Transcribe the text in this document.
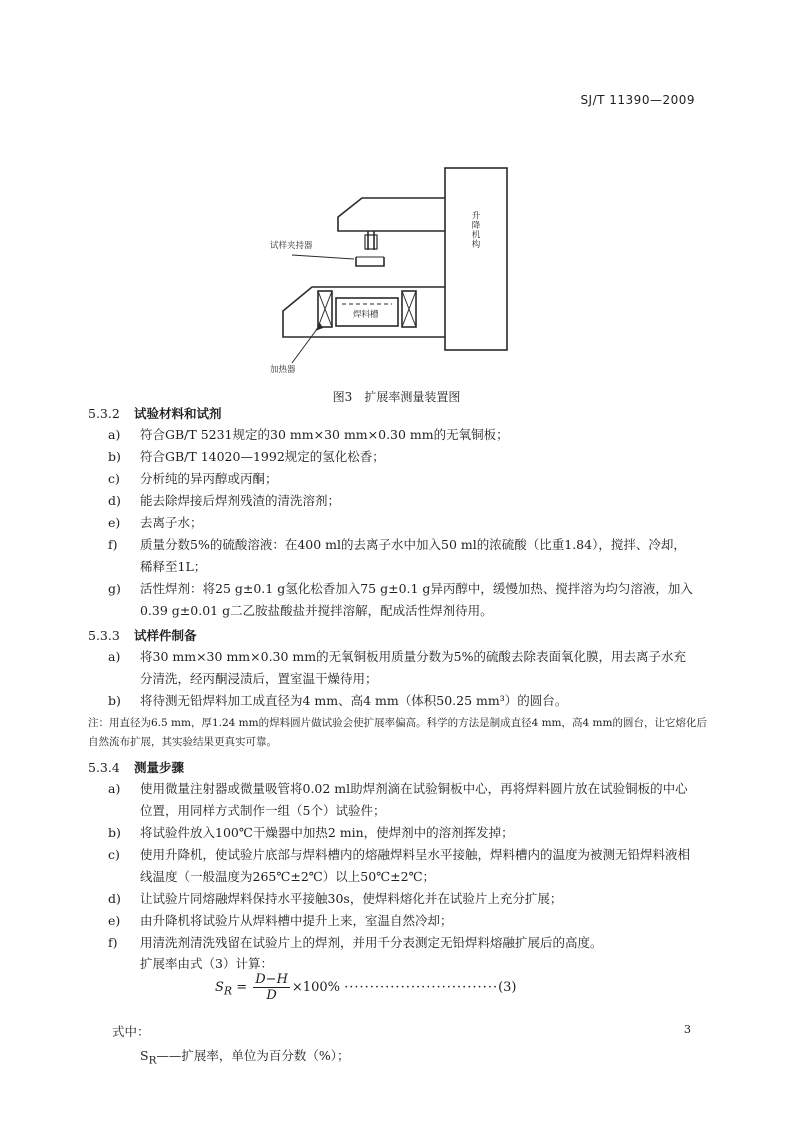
SJ/T 11390—2009
试样夹持器
焊料槽
加热器
升降机构
图3 扩展率测量装置图
5.3.2 试验材料和试剂
a)	符合GB/T 5231规定的30 mm×30 mm×0.30 mm的无氧铜板；
b)	符合GB/T 14020—1992规定的氢化松香；
c)	分析纯的异丙醇或丙酮；
d)	能去除焊接后焊剂残渣的清洗溶剂；
e)	去离子水；
f)	质量分数5%的硫酸溶液：在400 ml的去离子水中加入50 ml的浓硫酸（比重1.84），搅拌、冷却，稀释至1L；
g)	活性焊剂：将25 g±0.1 g氢化松香加入75 g±0.1 g异丙醇中，缓慢加热、搅拌溶为均匀溶液，加入0.39 g±0.01 g二乙胺盐酸盐并搅拌溶解，配成活性焊剂待用。
5.3.3 试样件制备
a)	将30 mm×30 mm×0.30 mm的无氧铜板用质量分数为5%的硫酸去除表面氧化膜，用去离子水充分清洗，经丙酮浸渍后，置室温干燥待用；
b)	将待测无铅焊料加工成直径为4 mm、高4 mm（体积50.25 mm³）的圆台。
注：用直径为6.5 mm，厚1.24 mm的焊料圆片做试验会使扩展率偏高。科学的方法是制成直径4 mm，高4 mm的圆台，让它熔化后自然流布扩展，其实验结果更真实可靠。
5.3.4 测量步骤
a)	使用微量注射器或微量吸管将0.02 ml助焊剂滴在试验铜板中心，再将焊料圆片放在试验铜板的中心位置，用同样方式制作一组（5个）试验件；
b)	将试验件放入100℃干燥器中加热2 min，使焊剂中的溶剂挥发掉；
c)	使用升降机，使试验片底部与焊料槽内的熔融焊料呈水平接触，焊料槽内的温度为被测无铅焊料液相线温度（一般温度为265℃±2℃）以上50℃±2℃；
d)	让试验片同熔融焊料保持水平接触30s，使焊料熔化并在试验片上充分扩展；
e)	由升降机将试验片从焊料槽中提升上来，室温自然冷却；
f)	用清洗剂清洗残留在试验片上的焊剂，并用千分表测定无铅焊料熔融扩展后的高度。
扩展率由式（3）计算：
$S_R = \frac{D-H}{D} \times 100\% \cdot\cdot\cdot\cdot\cdot\cdot\cdot\cdot\cdot\cdot\cdot\cdot\cdot\cdot\cdot\cdot\cdot\cdot\cdot\cdot\cdot\cdot\cdot\cdot\cdot\cdot\cdot\cdot\cdot\cdot(3)$
式中：
$S_R——$扩展率，单位为百分数（%）；
3
